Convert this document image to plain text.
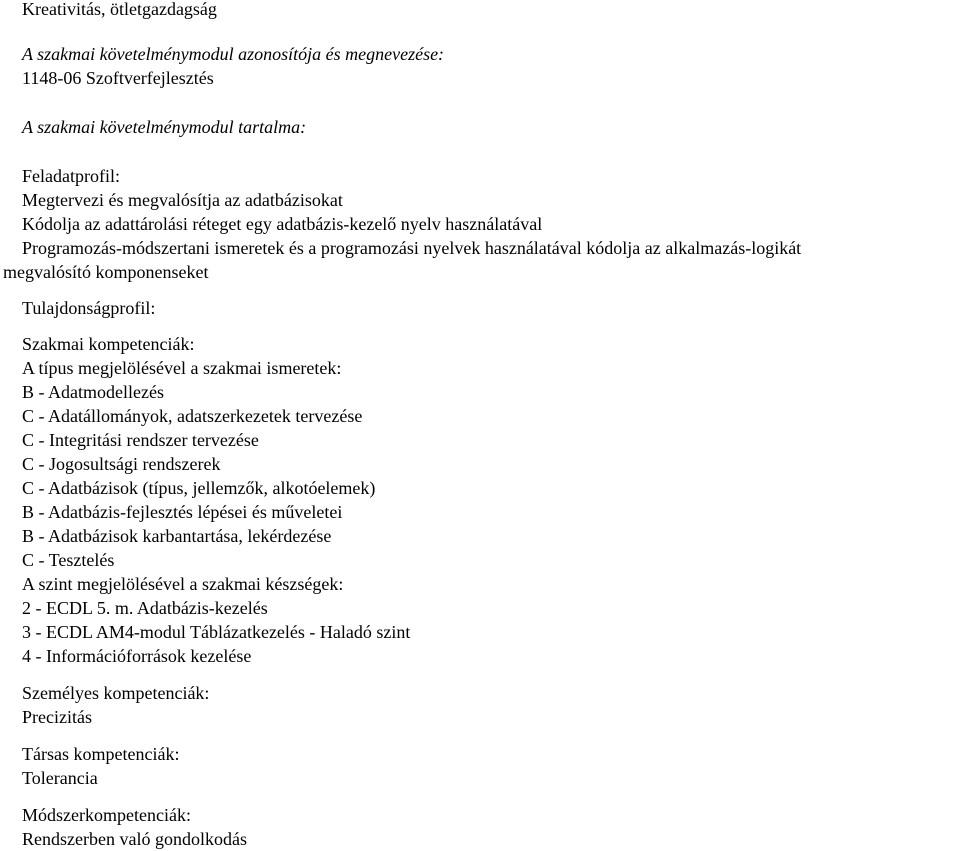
Kreativitás, ötletgazdagság

A szakmai követelménymodul azonosítója és megnevezése:

1148-06 Szoftverfejlesztés

A szakmai követelménymodul tartalma:

Feladatprofil:

Megtervezi és megvalósítja az adatbázisokat

Kódolja az adattárolási réteget egy adatbázis-kezelő nyelv használatával

Programozás-módszertani ismeretek és a programozási nyelvek használatával kódolja az alkalmazás-logikát

megvalósító komponenseket

Tulajdonságprofil:

Szakmai kompetenciák:

A típus megjelölésével a szakmai ismeretek:

B - Adatmodellezés

C - Adatállományok, adatszerkezetek tervezése

C - Integritási rendszer tervezése

C - Jogosultsági rendszerek

C - Adatbázisok (típus, jellemzők, alkotóelemek)

B - Adatbázis-fejlesztés lépései és műveletei

B - Adatbázisok karbantartása, lekérdezése

C - Tesztelés

A szint megjelölésével a szakmai készségek:

2 - ECDL 5. m. Adatbázis-kezelés

3 - ECDL AM4-modul Táblázatkezelés - Haladó szint

4 - Információforrások kezelése

Személyes kompetenciák:

Precizitás

Társas kompetenciák:

Tolerancia

Módszerkompetenciák:

Rendszerben való gondolkodás
